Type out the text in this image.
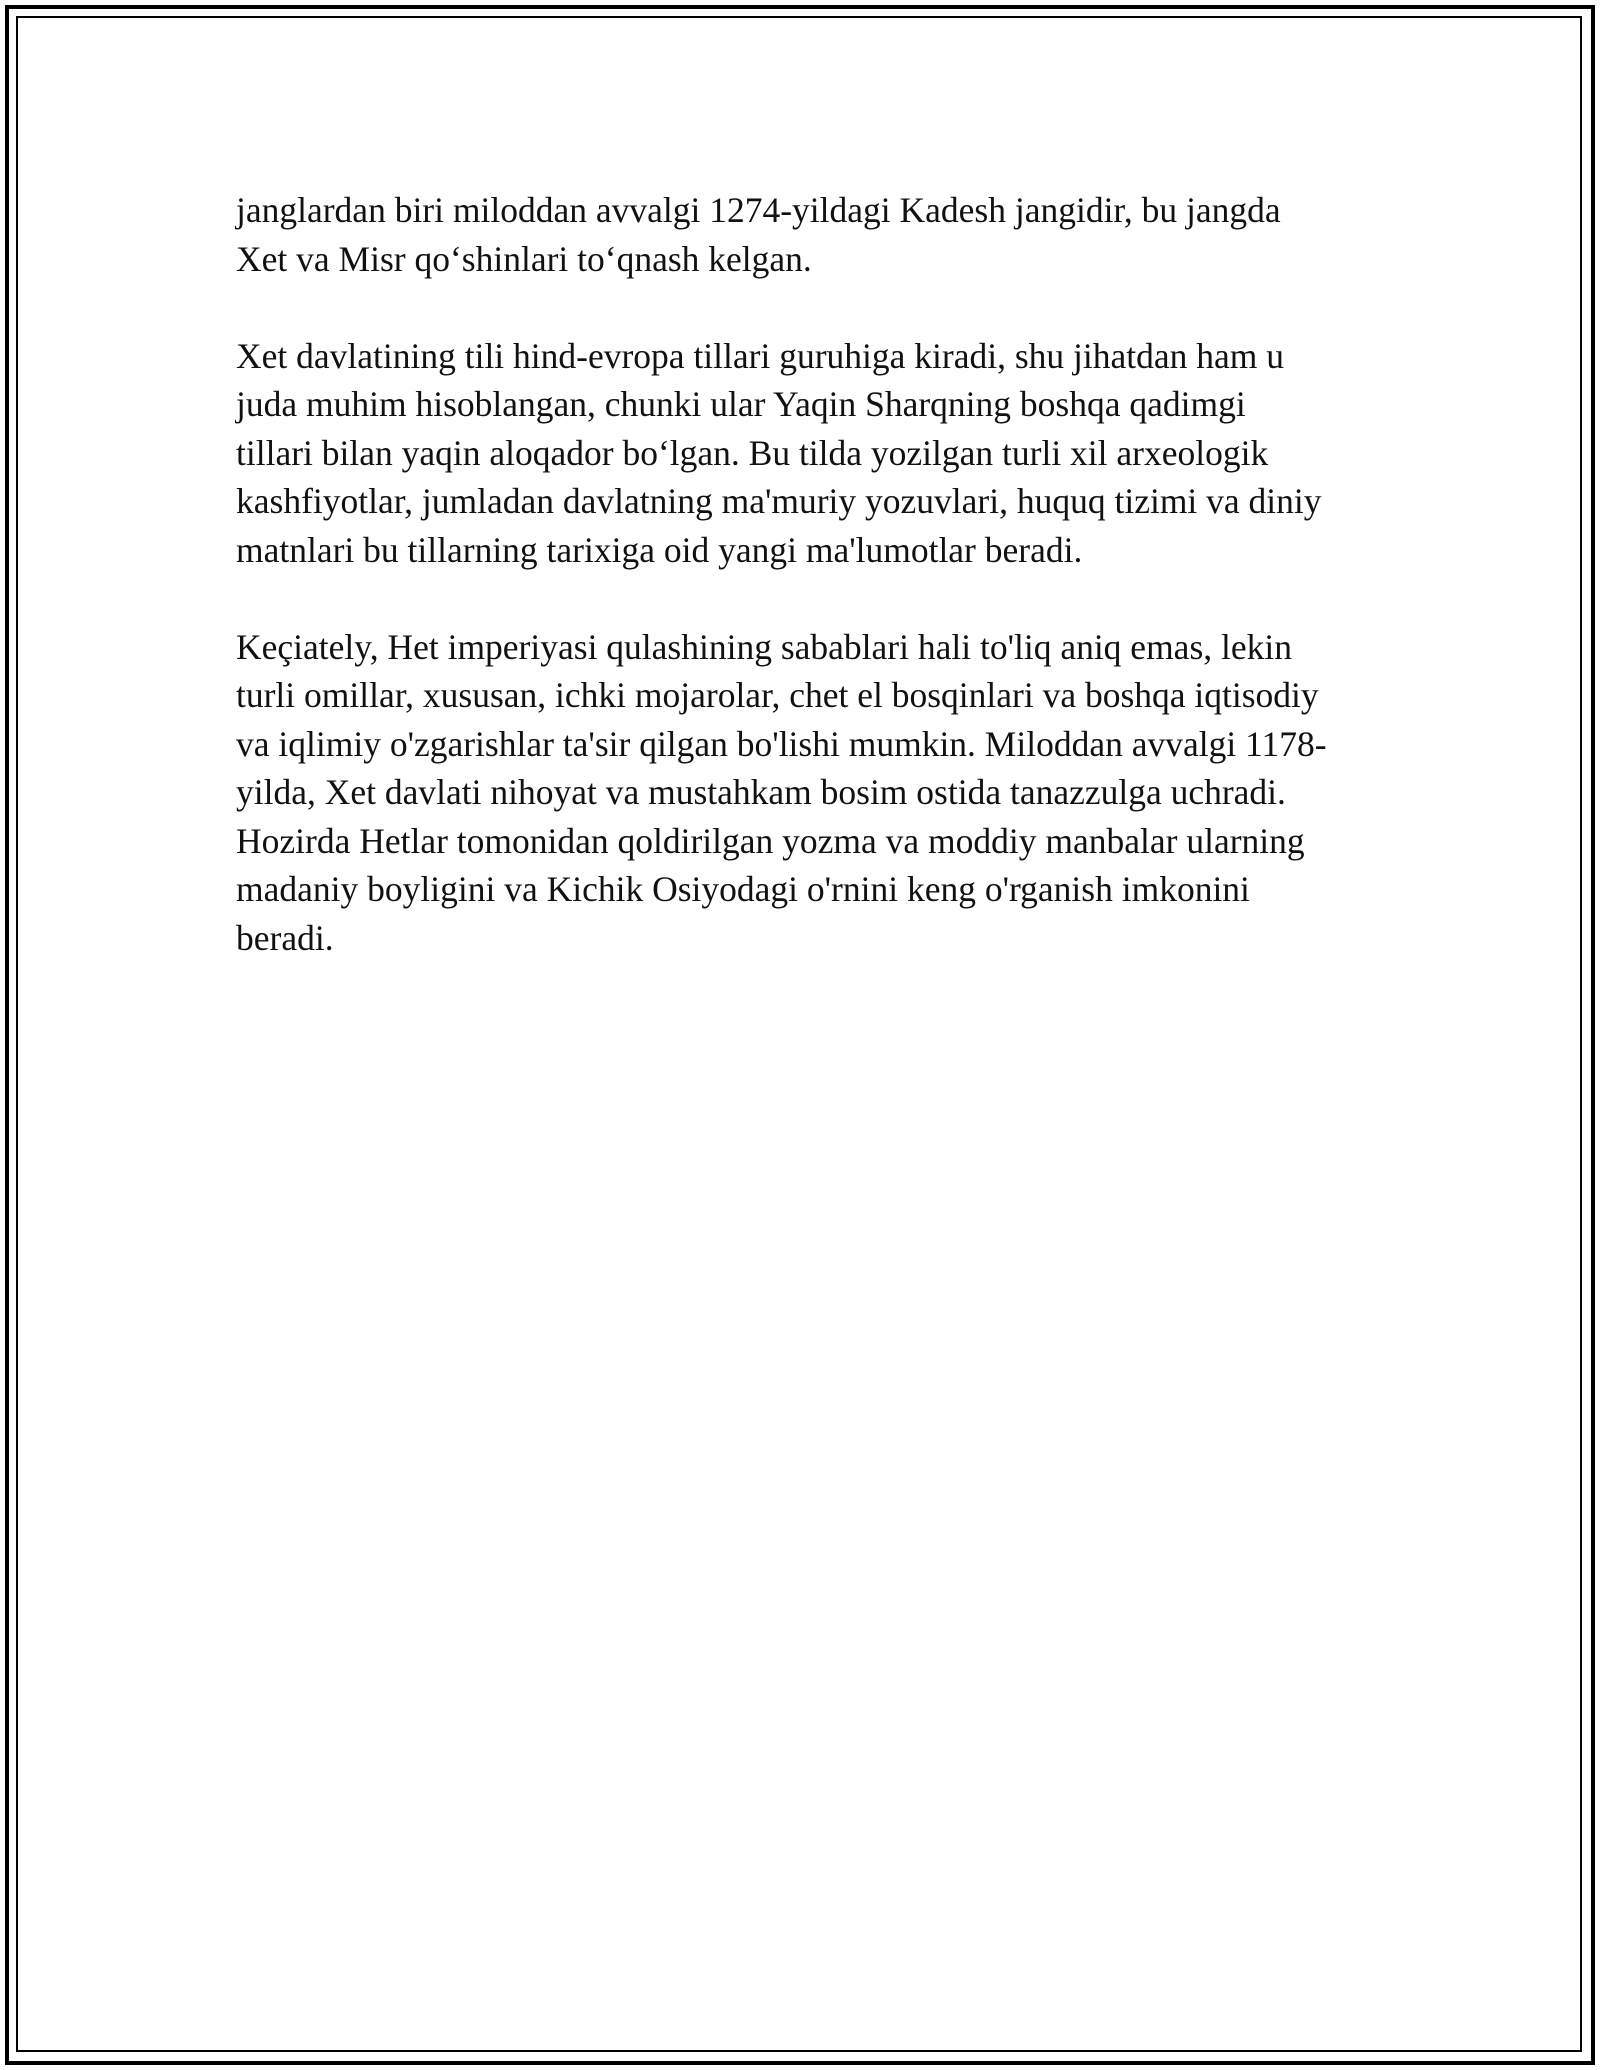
janglardan biri miloddan avvalgi 1274-yildagi Kadesh jangidir, bu jangda
Xet va Misr qo‘shinlari to‘qnash kelgan.

Xet davlatining tili hind-evropa tillari guruhiga kiradi, shu jihatdan ham u
juda muhim hisoblangan, chunki ular Yaqin Sharqning boshqa qadimgi
tillari bilan yaqin aloqador bo‘lgan. Bu tilda yozilgan turli xil arxeologik
kashfiyotlar, jumladan davlatning ma'muriy yozuvlari, huquq tizimi va diniy
matnlari bu tillarning tarixiga oid yangi ma'lumotlar beradi.

Keçiately, Het imperiyasi qulashining sabablari hali to'liq aniq emas, lekin
turli omillar, xususan, ichki mojarolar, chet el bosqinlari va boshqa iqtisodiy
va iqlimiy o'zgarishlar ta'sir qilgan bo'lishi mumkin. Miloddan avvalgi 1178-
yilda, Xet davlati nihoyat va mustahkam bosim ostida tanazzulga uchradi.
Hozirda Hetlar tomonidan qoldirilgan yozma va moddiy manbalar ularning
madaniy boyligini va Kichik Osiyodagi o'rnini keng o'rganish imkonini
beradi.
